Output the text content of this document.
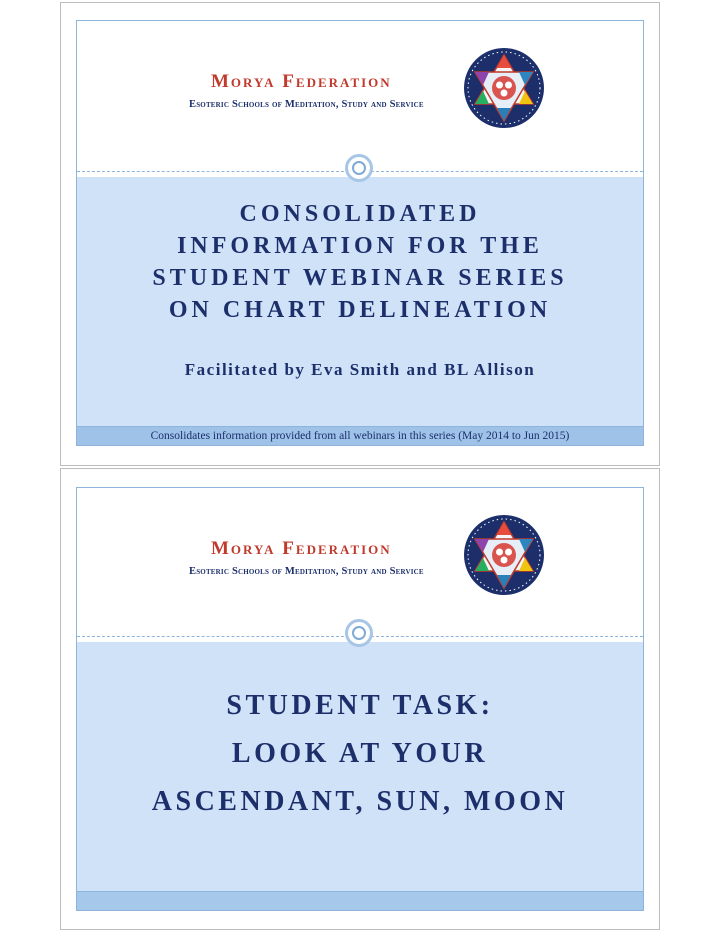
Morya Federation
Esoteric Schools of Meditation, Study and Service
CONSOLIDATED
INFORMATION FOR THE
STUDENT WEBINAR SERIES
ON CHART DELINEATION
Facilitated by Eva Smith and BL Allison
Consolidates information provided from all webinars in this series (May 2014 to Jun 2015)
Morya Federation
Esoteric Schools of Meditation, Study and Service
STUDENT TASK:
LOOK AT YOUR
ASCENDANT, SUN, MOON
